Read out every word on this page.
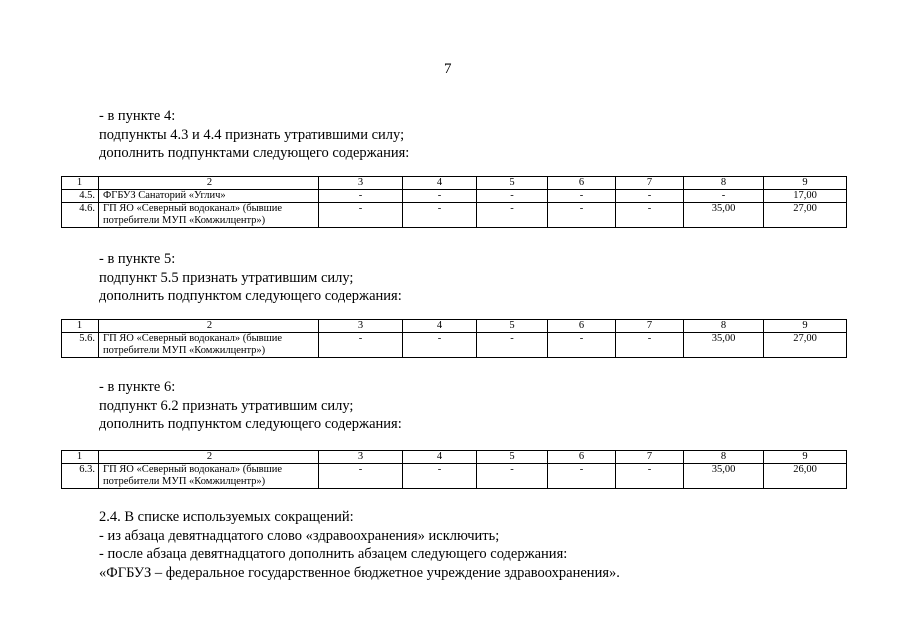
7
- в пункте 4:
подпункты 4.3 и 4.4 признать утратившими силу;
дополнить подпунктами следующего содержания:
1	2	3	4	5	6	7	8	9
4.5.	ФГБУЗ Санаторий «Углич»	-	-	-	-	-	-	17,00
4.6.	ГП ЯО «Северный водоканал» (бывшие потребители МУП «Комжилцентр»)	-	-	-	-	-	35,00	27,00
- в пункте 5:
подпункт 5.5 признать утратившим силу;
дополнить подпунктом следующего содержания:
1	2	3	4	5	6	7	8	9
5.6.	ГП ЯО «Северный водоканал» (бывшие потребители МУП «Комжилцентр»)	-	-	-	-	-	35,00	27,00
- в пункте 6:
подпункт 6.2 признать утратившим силу;
дополнить подпунктом следующего содержания:
1	2	3	4	5	6	7	8	9
6.3.	ГП ЯО «Северный водоканал» (бывшие потребители МУП «Комжилцентр»)	-	-	-	-	-	35,00	26,00
2.4. В списке используемых сокращений:
- из абзаца девятнадцатого слово «здравоохранения» исключить;
- после абзаца девятнадцатого дополнить абзацем следующего содержания:
«ФГБУЗ – федеральное государственное бюджетное учреждение здравоохранения».
